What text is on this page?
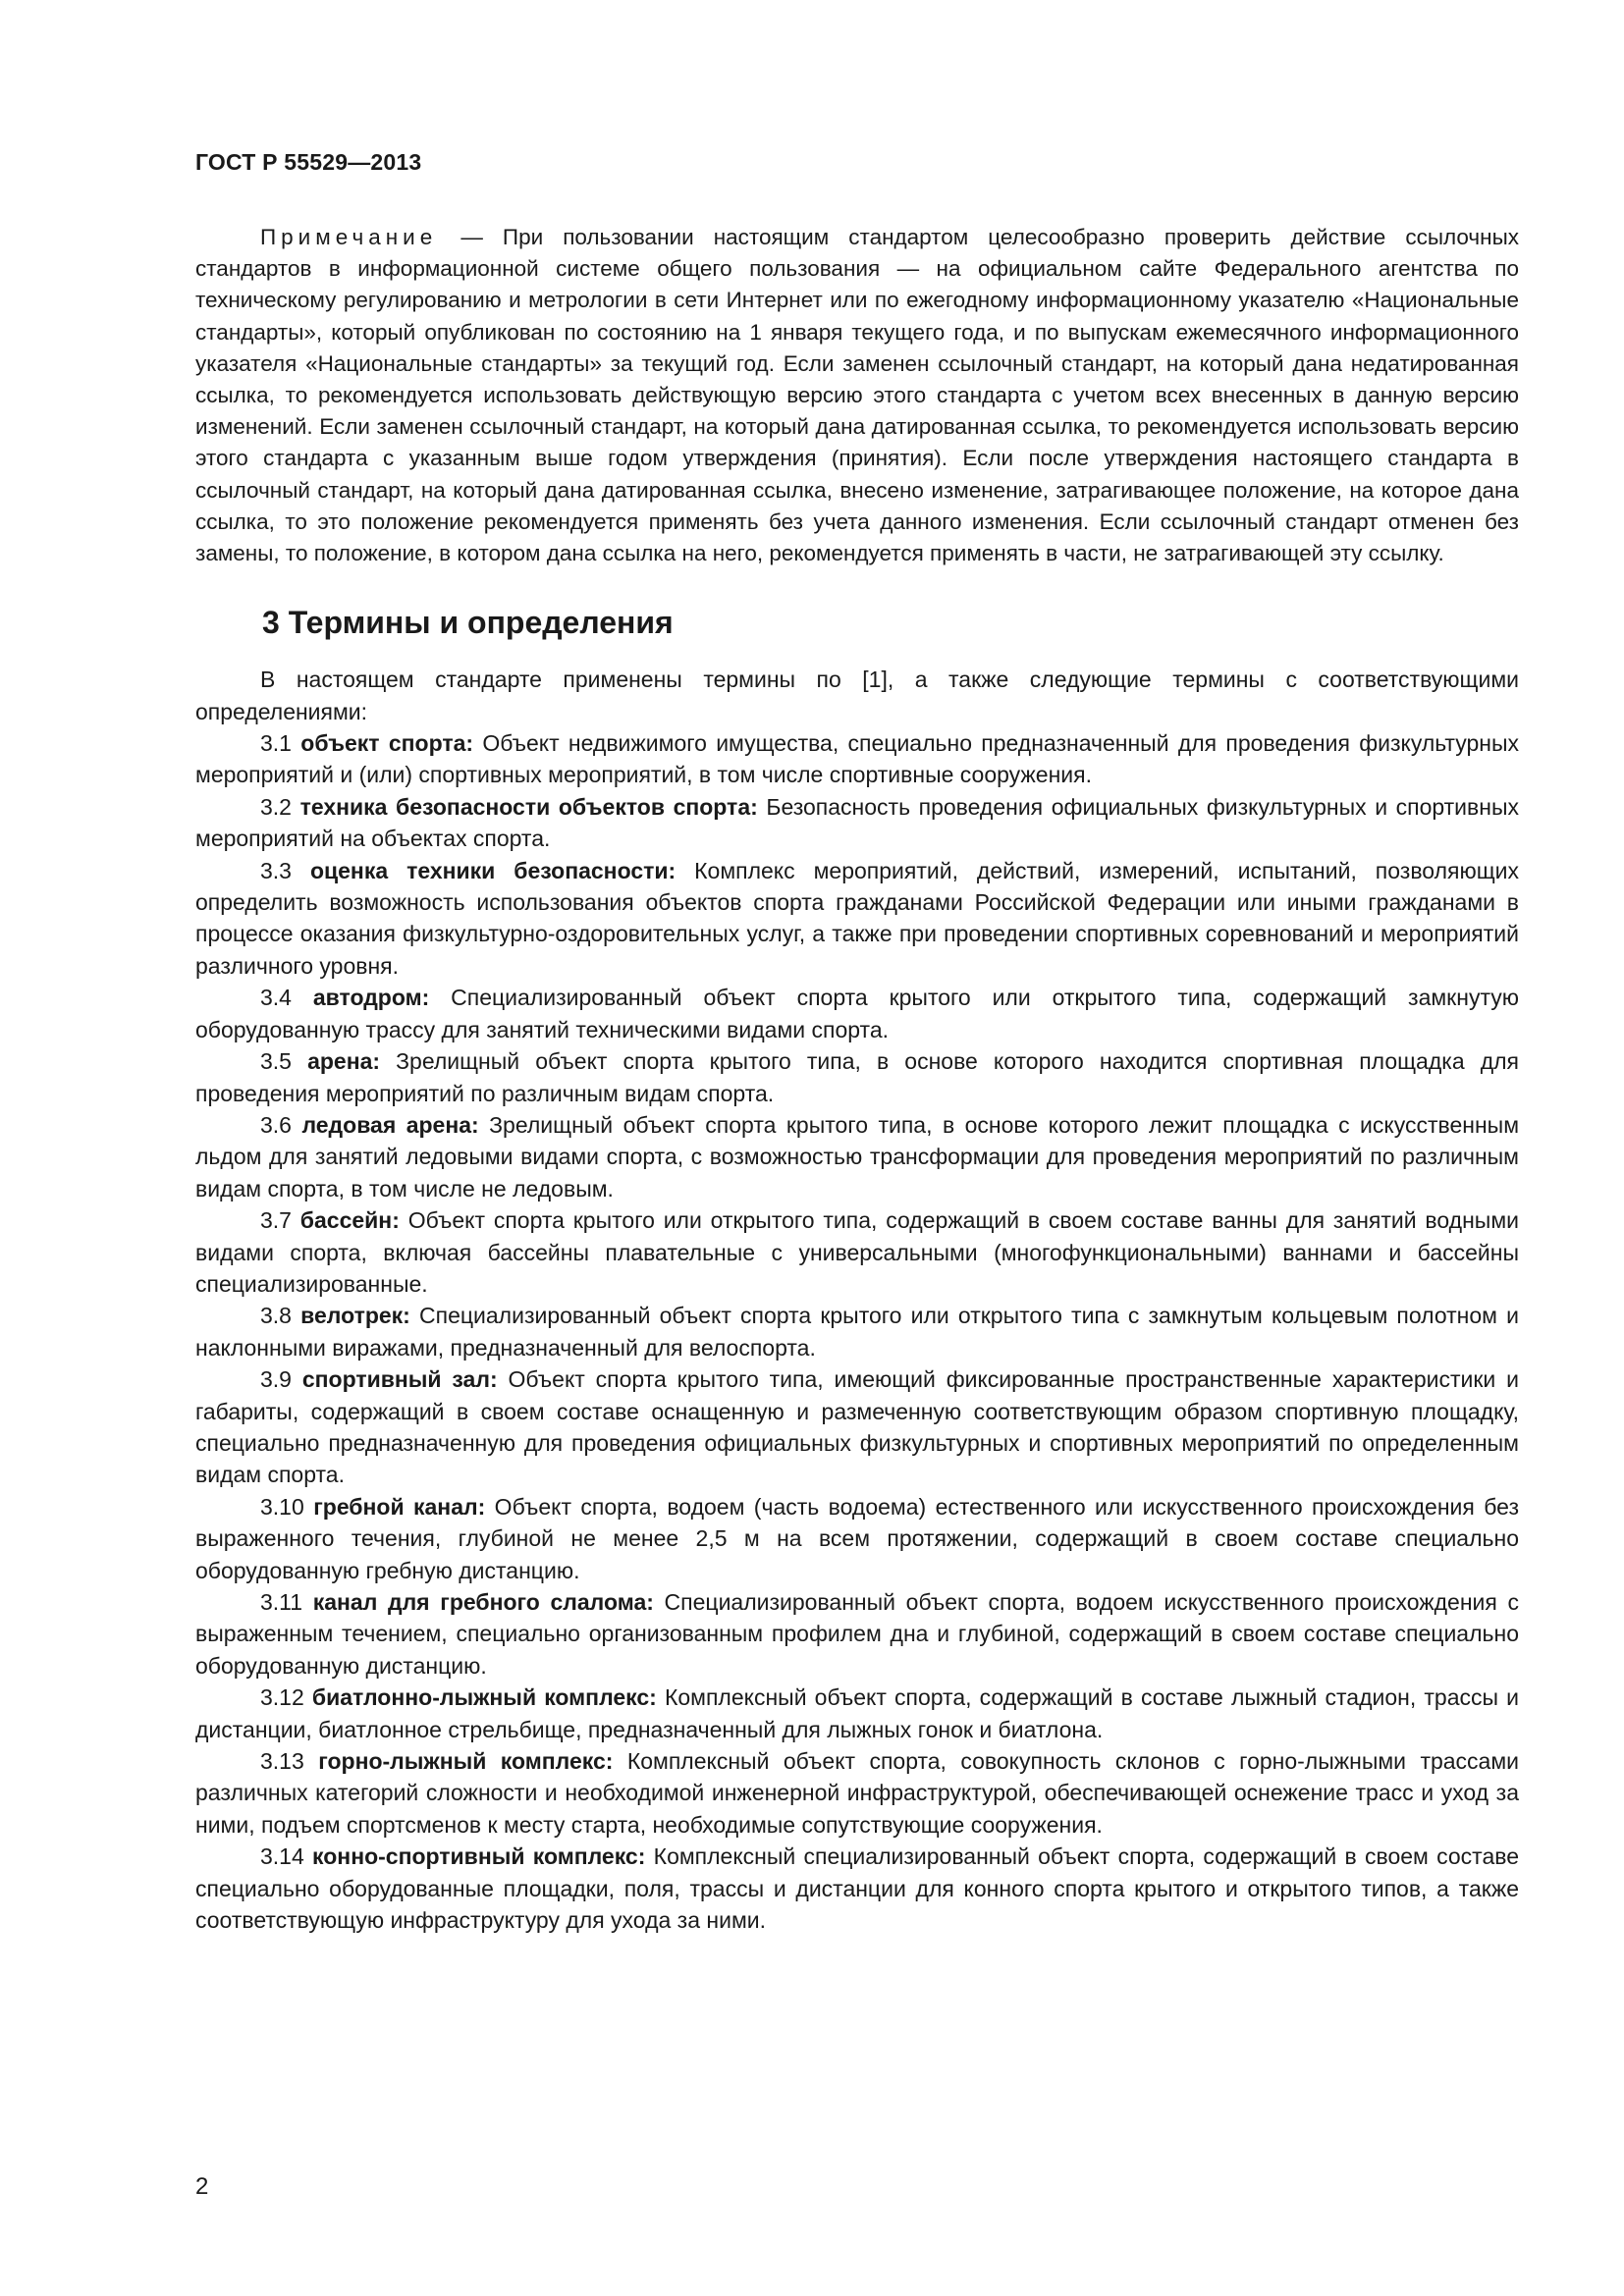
ГОСТ Р 55529—2013

Примечание — При пользовании настоящим стандартом целесообразно проверить действие ссылочных стандартов в информационной системе общего пользования — на официальном сайте Федерального агентства по техническому регулированию и метрологии в сети Интернет или по ежегодному информационному указателю «Национальные стандарты», который опубликован по состоянию на 1 января текущего года, и по выпускам ежемесячного информационного указателя «Национальные стандарты» за текущий год. Если заменен ссылочный стандарт, на который дана недатированная ссылка, то рекомендуется использовать действующую версию этого стандарта с учетом всех внесенных в данную версию изменений. Если заменен ссылочный стандарт, на который дана датированная ссылка, то рекомендуется использовать версию этого стандарта с указанным выше годом утверждения (принятия). Если после утверждения настоящего стандарта в ссылочный стандарт, на который дана датированная ссылка, внесено изменение, затрагивающее положение, на которое дана ссылка, то это положение рекомендуется применять без учета данного изменения. Если ссылочный стандарт отменен без замены, то положение, в котором дана ссылка на него, рекомендуется применять в части, не затрагивающей эту ссылку.

3 Термины и определения

В настоящем стандарте применены термины по [1], а также следующие термины с соответствующими определениями:

3.1 объект спорта: Объект недвижимого имущества, специально предназначенный для проведения физкультурных мероприятий и (или) спортивных мероприятий, в том числе спортивные сооружения.

3.2 техника безопасности объектов спорта: Безопасность проведения официальных физкультурных и спортивных мероприятий на объектах спорта.

3.3 оценка техники безопасности: Комплекс мероприятий, действий, измерений, испытаний, позволяющих определить возможность использования объектов спорта гражданами Российской Федерации или иными гражданами в процессе оказания физкультурно-оздоровительных услуг, а также при проведении спортивных соревнований и мероприятий различного уровня.

3.4 автодром: Специализированный объект спорта крытого или открытого типа, содержащий замкнутую оборудованную трассу для занятий техническими видами спорта.

3.5 арена: Зрелищный объект спорта крытого типа, в основе которого находится спортивная площадка для проведения мероприятий по различным видам спорта.

3.6 ледовая арена: Зрелищный объект спорта крытого типа, в основе которого лежит площадка с искусственным льдом для занятий ледовыми видами спорта, с возможностью трансформации для проведения мероприятий по различным видам спорта, в том числе не ледовым.

3.7 бассейн: Объект спорта крытого или открытого типа, содержащий в своем составе ванны для занятий водными видами спорта, включая бассейны плавательные с универсальными (многофункциональными) ваннами и бассейны специализированные.

3.8 велотрек: Специализированный объект спорта крытого или открытого типа с замкнутым кольцевым полотном и наклонными виражами, предназначенный для велоспорта.

3.9 спортивный зал: Объект спорта крытого типа, имеющий фиксированные пространственные характеристики и габариты, содержащий в своем составе оснащенную и размеченную соответствующим образом спортивную площадку, специально предназначенную для проведения официальных физкультурных и спортивных мероприятий по определенным видам спорта.

3.10 гребной канал: Объект спорта, водоем (часть водоема) естественного или искусственного происхождения без выраженного течения, глубиной не менее 2,5 м на всем протяжении, содержащий в своем составе специально оборудованную гребную дистанцию.

3.11 канал для гребного слалома: Специализированный объект спорта, водоем искусственного происхождения с выраженным течением, специально организованным профилем дна и глубиной, содержащий в своем составе специально оборудованную дистанцию.

3.12 биатлонно-лыжный комплекс: Комплексный объект спорта, содержащий в составе лыжный стадион, трассы и дистанции, биатлонное стрельбище, предназначенный для лыжных гонок и биатлона.

3.13 горно-лыжный комплекс: Комплексный объект спорта, совокупность склонов с горно-лыжными трассами различных категорий сложности и необходимой инженерной инфраструктурой, обеспечивающей оснежение трасс и уход за ними, подъем спортсменов к месту старта, необходимые сопутствующие сооружения.

3.14 конно-спортивный комплекс: Комплексный специализированный объект спорта, содержащий в своем составе специально оборудованные площадки, поля, трассы и дистанции для конного спорта крытого и открытого типов, а также соответствующую инфраструктуру для ухода за ними.

2
